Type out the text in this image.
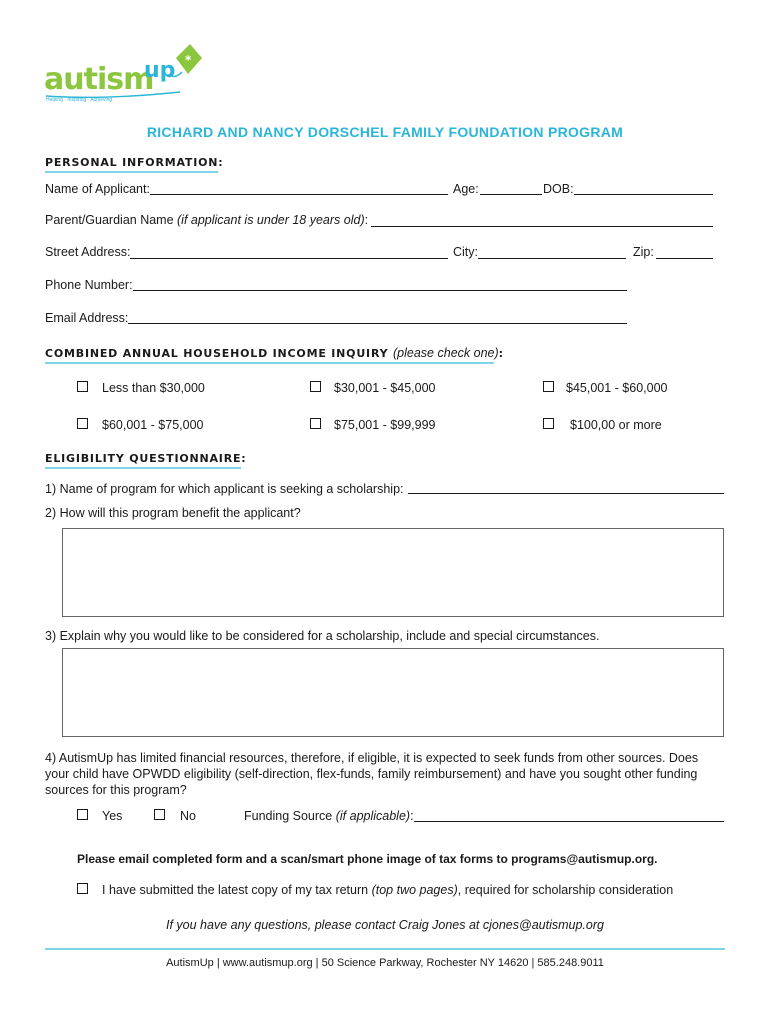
autism
up *
Helping · Inspiring · Achieving
RICHARD AND NANCY DORSCHEL FAMILY FOUNDATION PROGRAM
PERSONAL INFORMATION:
Name of Applicant:	Age:	DOB:
Parent/Guardian Name (if applicant is under 18 years old):
Street Address:	City:	Zip:
Phone Number:
Email Address:
COMBINED ANNUAL HOUSEHOLD INCOME INQUIRY (please check one):
Less than $30,000	$30,001 - $45,000	$45,001 - $60,000
$60,001 - $75,000	$75,001 - $99,999	$100,00 or more
ELIGIBILITY QUESTIONNAIRE:
1) Name of program for which applicant is seeking a scholarship:
2) How will this program benefit the applicant?
3) Explain why you would like to be considered for a scholarship, include and special circumstances.
4) AutismUp has limited financial resources, therefore, if eligible, it is expected to seek funds from other sources. Does
your child have OPWDD eligibility (self-direction, flex-funds, family reimbursement) and have you sought other funding
sources for this program?
Yes	No	Funding Source (if applicable):
Please email completed form and a scan/smart phone image of tax forms to programs@autismup.org.
I have submitted the latest copy of my tax return (top two pages), required for scholarship consideration
If you have any questions, please contact Craig Jones at cjones@autismup.org
AutismUp | www.autismup.org | 50 Science Parkway, Rochester NY 14620 | 585.248.9011
